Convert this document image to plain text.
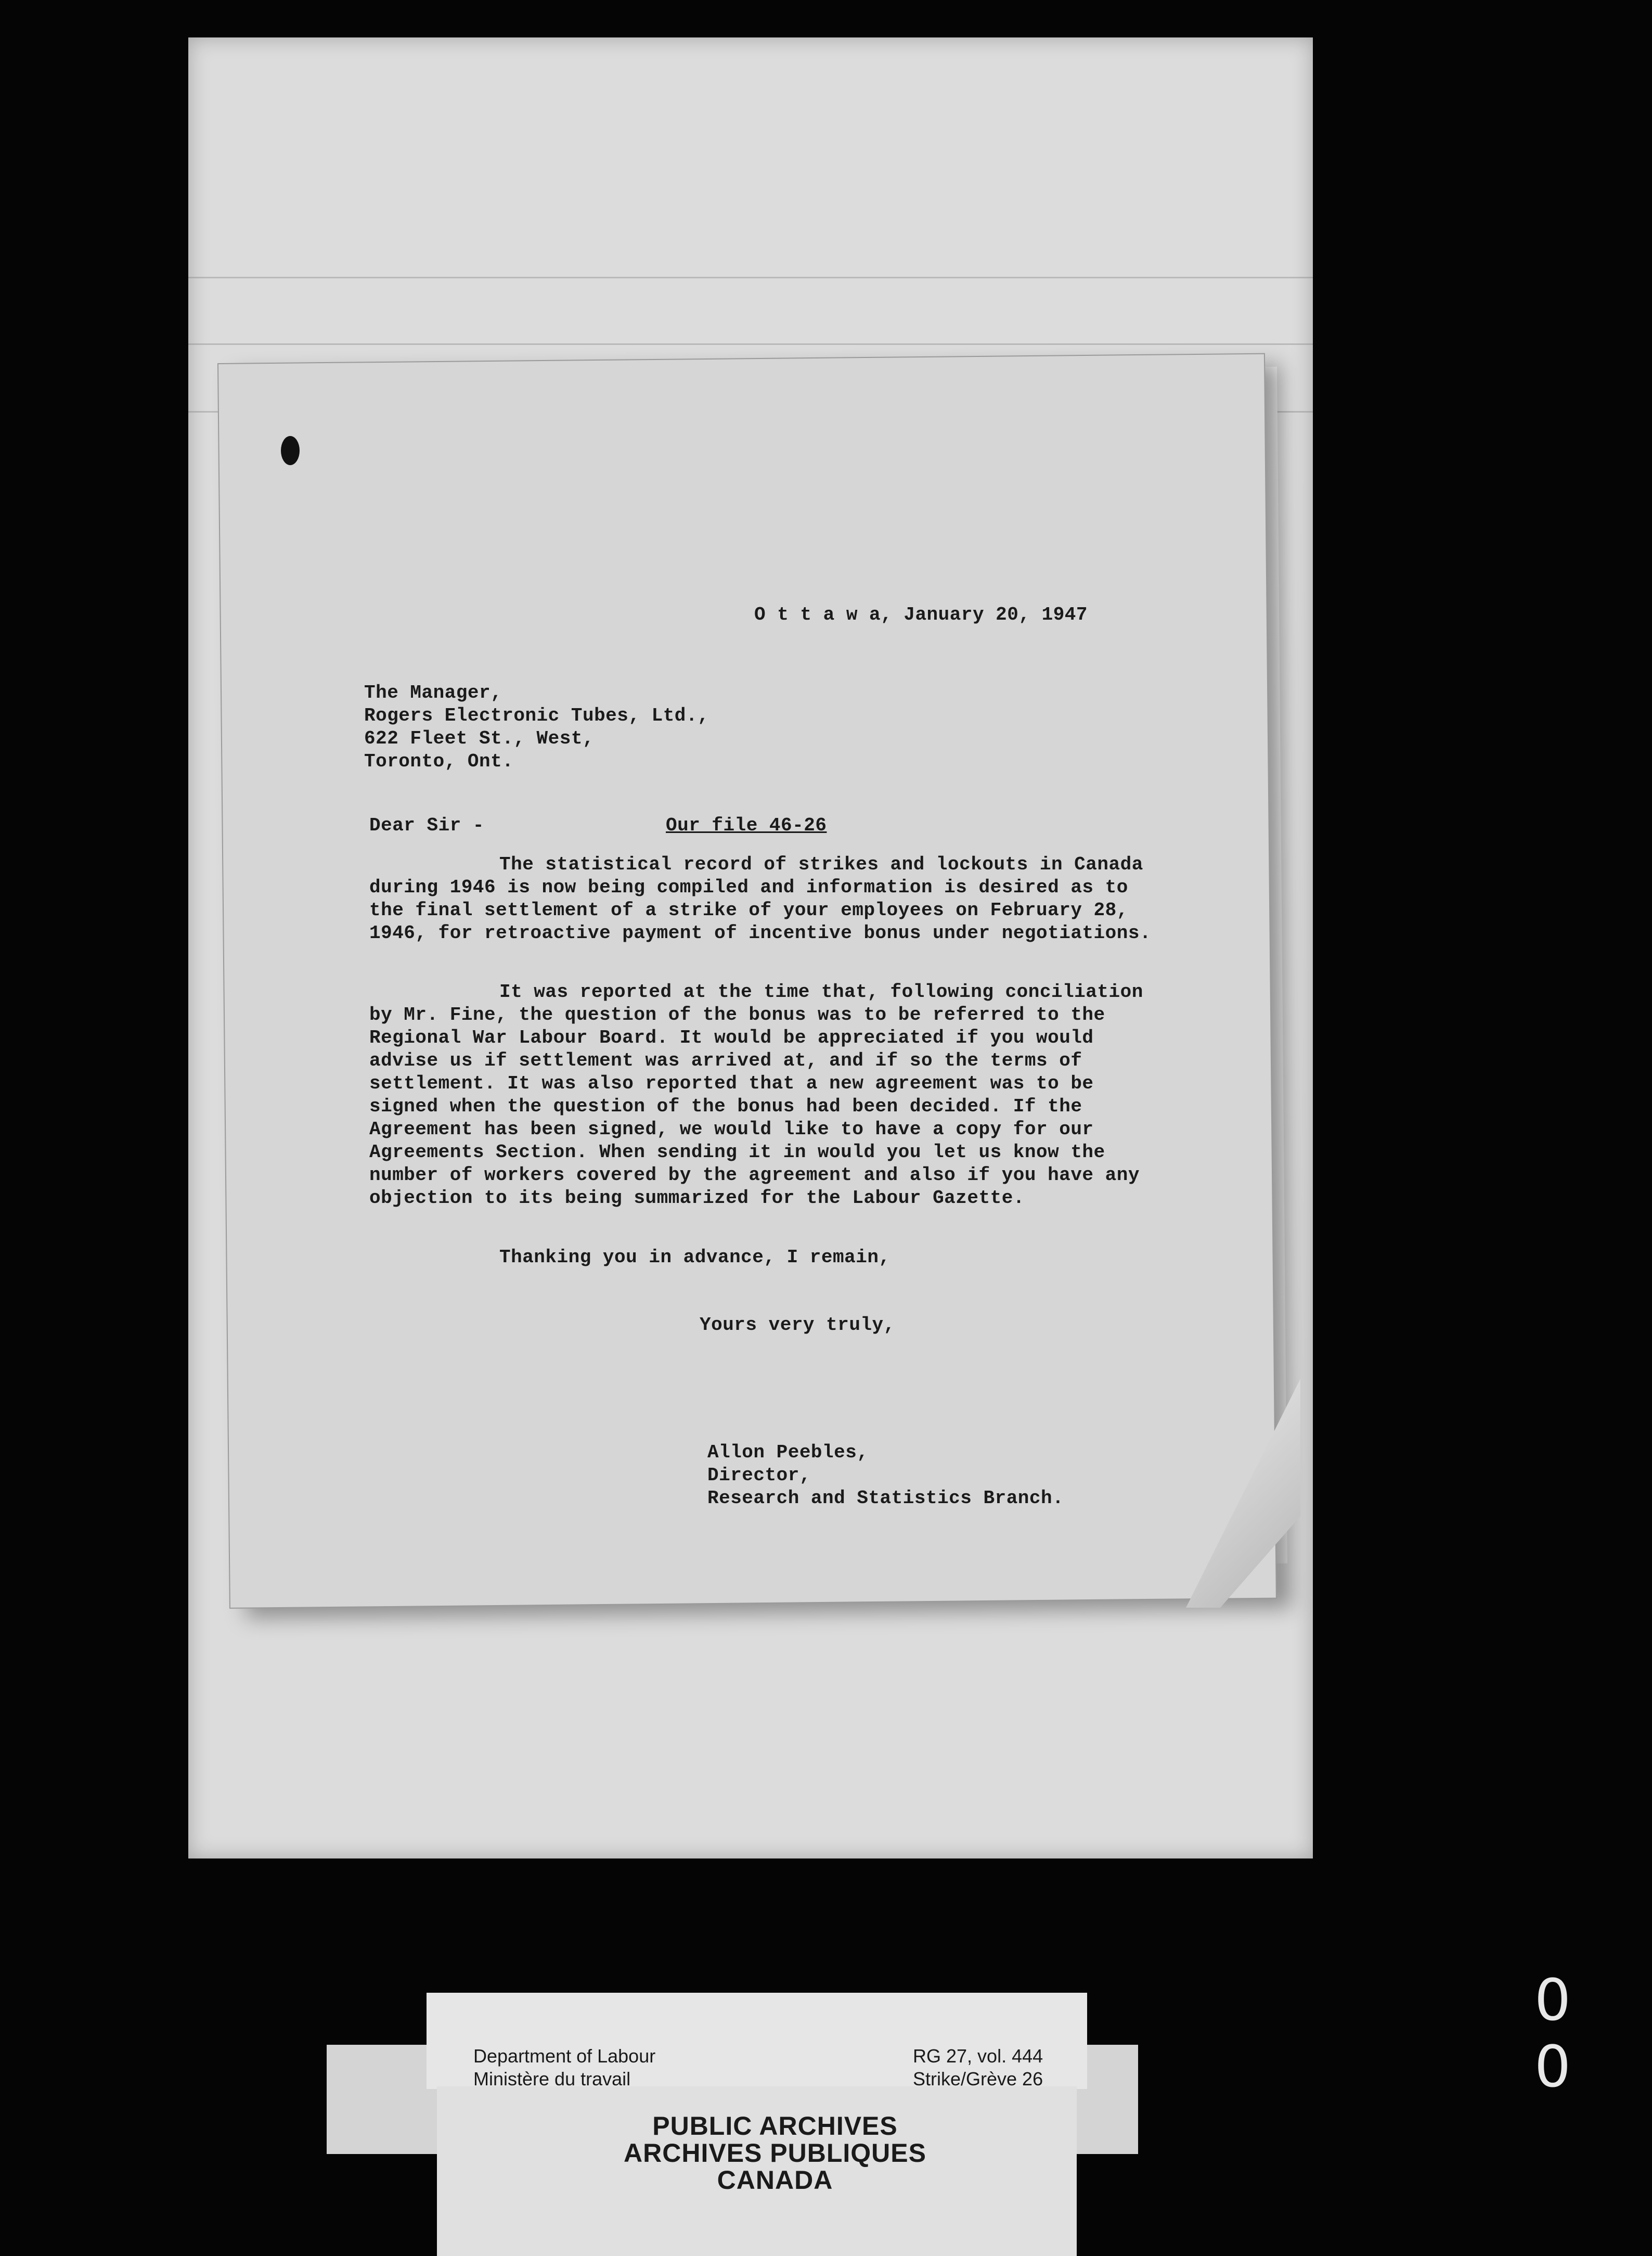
O t t a w a, January 20, 1947
The Manager,
Rogers Electronic Tubes, Ltd.,
622 Fleet St., West,
Toronto, Ont.
Dear Sir -	Our file 46-26
The statistical record of strikes and lockouts in Canada during 1946 is now being compiled and information is desired as to the final settlement of a strike of your employees on February 28, 1946, for retroactive payment of incentive bonus under negotiations.
It was reported at the time that, following conciliation by Mr. Fine, the question of the bonus was to be referred to the Regional War Labour Board. It would be appreciated if you would advise us if settlement was arrived at, and if so the terms of settlement. It was also reported that a new agreement was to be signed when the question of the bonus had been decided. If the Agreement has been signed, we would like to have a copy for our Agreements Section. When sending it in would you let us know the number of workers covered by the agreement and also if you have any objection to its being summarized for the Labour Gazette.
Thanking you in advance, I remain,
Yours very truly,
Allon Peebles,
Director,
Research and Statistics Branch.
Department of Labour
Ministère du travail
RG 27, vol. 444
Strike/Grève 26
PUBLIC ARCHIVES
ARCHIVES PUBLIQUES
CANADA
0 0
